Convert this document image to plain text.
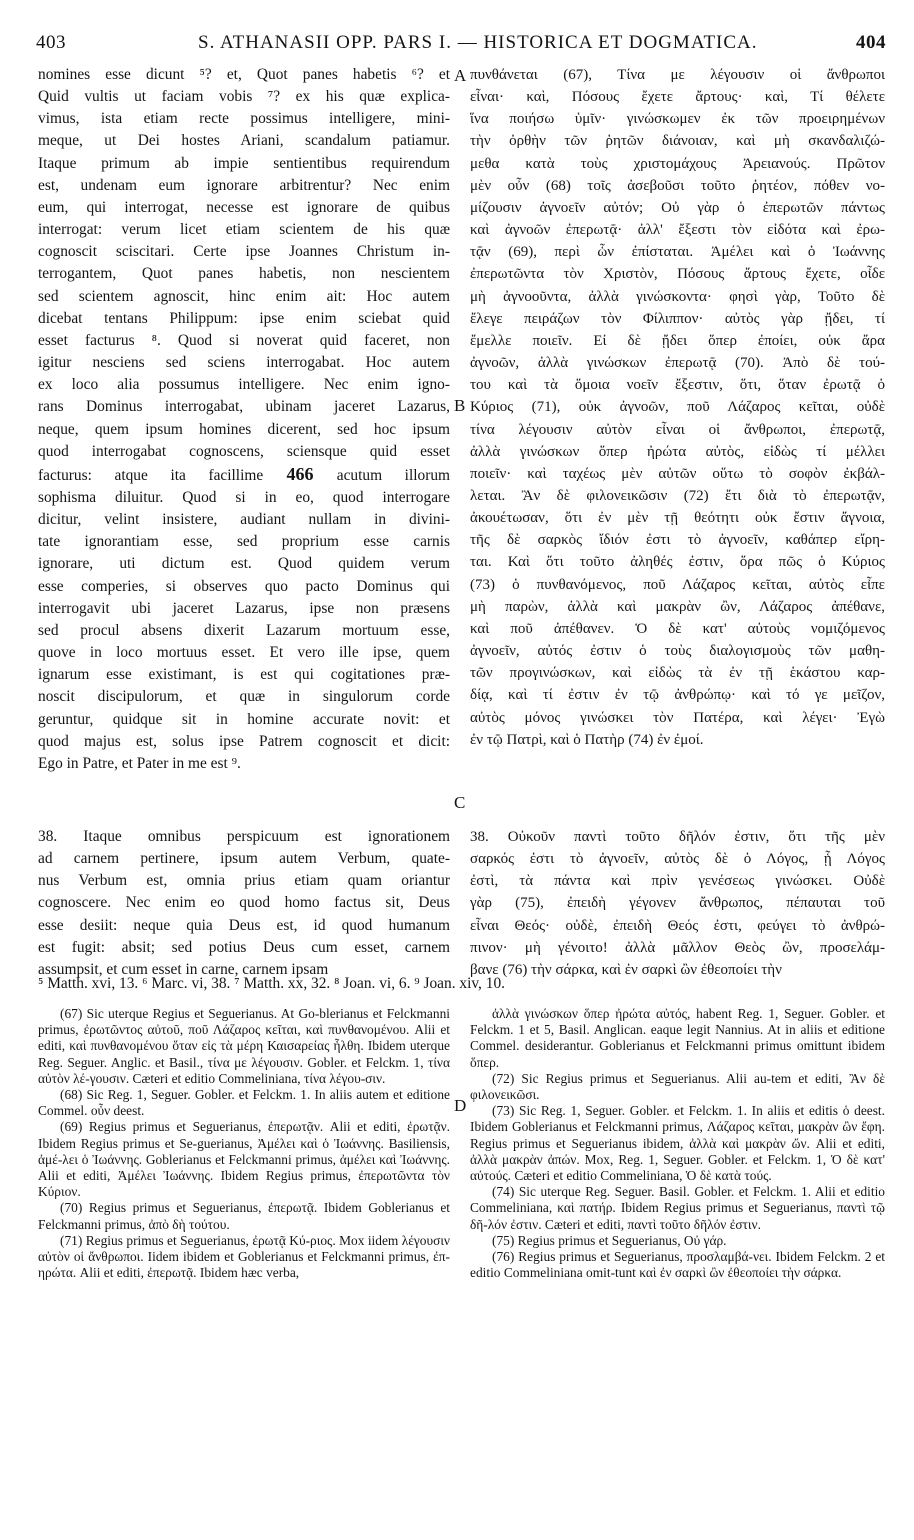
403	S. ATHANASII OPP. PARS I. — HISTORICA ET DOGMATICA.	404
nomines esse dicunt ⁵? et, Quot panes habetis ⁶? et
Quid vultis ut faciam vobis ⁷? ex his quæ explica-
vimus, ista etiam recte possimus intelligere, mini-
meque, ut Dei hostes Ariani, scandalum patiamur.
Itaque primum ab impie sentientibus requirendum
est, undenam eum ignorare arbitrentur? Nec enim
eum, qui interrogat, necesse est ignorare de quibus
interrogat: verum licet etiam scientem de his quæ
cognoscit sciscitari. Certe ipse Joannes Christum in-
terrogantem, Quot panes habetis, non nescientem
sed scientem agnoscit, hinc enim ait: Hoc autem
dicebat tentans Philippum: ipse enim sciebat quid
esset facturus ⁸. Quod si noverat quid faceret, non
igitur nesciens sed sciens interrogabat. Hoc autem
ex loco alia possumus intelligere. Nec enim igno-
rans Dominus interrogabat, ubinam jaceret Lazarus,
neque, quem ipsum homines dicerent, sed hoc ipsum
quod interrogabat cognoscens, sciensque quid esset
facturus: atque ita facillime 466 acutum illorum
sophisma diluitur. Quod si in eo, quod interrogare
dicitur, velint insistere, audiant nullam in divini-
tate ignorantiam esse, sed proprium esse carnis
ignorare, uti dictum est. Quod quidem verum
esse comperies, si observes quo pacto Dominus qui
interrogavit ubi jaceret Lazarus, ipse non præsens
sed procul absens dixerit Lazarum mortuum esse,
quove in loco mortuus esset. Et vero ille ipse, quem
ignarum esse existimant, is est qui cogitationes præ-
noscit discipulorum, et quæ in singulorum corde
geruntur, quidque sit in homine accurate novit: et
quod majus est, solus ipse Patrem cognoscit et dicit:
Ego in Patre, et Pater in me est ⁹.
πυνθάνεται (67), Τίνα με λέγουσιν οἱ ἄνθρωποι
εἶναι· καὶ, Πόσους ἔχετε ἄρτους· καὶ, Τί θέλετε
ἵνα ποιήσω ὑμῖν· γινώσκωμεν ἐκ τῶν προειρημένων
τὴν ὀρθὴν τῶν ῥητῶν διάνοιαν, καὶ μὴ σκανδαλιζώ-
μεθα κατὰ τοὺς χριστομάχους Ἀρειανούς. Πρῶτον
μὲν οὖν (68) τοῖς ἀσεβοῦσι τοῦτο ῥητέον, πόθεν νο-
μίζουσιν ἀγνοεῖν αὐτόν; Οὐ γὰρ ὁ ἐπερωτῶν πάντως
καὶ ἀγνοῶν ἐπερωτᾷ· ἀλλ' ἔξεστι τὸν εἰδότα καὶ ἐρω-
τᾷν (69), περὶ ὧν ἐπίσταται. Ἀμέλει καὶ ὁ Ἰωάννης
ἐπερωτῶντα τὸν Χριστὸν, Πόσους ἄρτους ἔχετε, οἶδε
μὴ ἀγνοοῦντα, ἀλλὰ γινώσκοντα· φησὶ γὰρ, Τοῦτο δὲ
ἔλεγε πειράζων τὸν Φίλιππον· αὐτὸς γὰρ ᾔδει, τί
ἔμελλε ποιεῖν. Εἰ δὲ ᾔδει ὅπερ ἐποίει, οὐκ ἄρα
ἀγνοῶν, ἀλλὰ γινώσκων ἐπερωτᾷ (70). Ἀπὸ δὲ τού-
του καὶ τὰ ὅμοια νοεῖν ἔξεστιν, ὅτι, ὅταν ἐρωτᾷ ὁ
Κύριος (71), οὐκ ἀγνοῶν, ποῦ Λάζαρος κεῖται, οὐδὲ
τίνα λέγουσιν αὐτὸν εἶναι οἱ ἄνθρωποι, ἐπερωτᾷ,
ἀλλὰ γινώσκων ὅπερ ἠρώτα αὐτὸς, εἰδὼς τί μέλλει
ποιεῖν· καὶ ταχέως μὲν αὐτῶν οὕτω τὸ σοφὸν ἐκβάλ-
λεται. Ἂν δὲ φιλονεικῶσιν (72) ἔτι διὰ τὸ ἐπερωτᾷν,
ἀκουέτωσαν, ὅτι ἐν μὲν τῇ θεότητι οὐκ ἔστιν ἄγνοια,
τῆς δὲ σαρκὸς ἴδιόν ἐστι τὸ ἀγνοεῖν, καθάπερ εἴρη-
ται. Καὶ ὅτι τοῦτο ἀληθές ἐστιν, ὅρα πῶς ὁ Κύριος
(73) ὁ πυνθανόμενος, ποῦ Λάζαρος κεῖται, αὐτὸς εἶπε
μὴ παρὼν, ἀλλὰ καὶ μακρὰν ὢν, Λάζαρος ἀπέθανε,
καὶ ποῦ ἀπέθανεν. Ὁ δὲ κατ' αὐτοὺς νομιζόμενος
ἀγνοεῖν, αὐτός ἐστιν ὁ τοὺς διαλογισμοὺς τῶν μαθη-
τῶν προγινώσκων, καὶ εἰδὼς τὰ ἐν τῇ ἑκάστου καρ-
δίᾳ, καὶ τί ἐστιν ἐν τῷ ἀνθρώπῳ· καὶ τό γε μεῖζον,
αὐτὸς μόνος γινώσκει τὸν Πατέρα, καὶ λέγει· Ἐγὼ
ἐν τῷ Πατρὶ, καὶ ὁ Πατὴρ (74) ἐν ἐμοί.
A
B
C
D
38. Itaque omnibus perspicuum est ignorationem
ad carnem pertinere, ipsum autem Verbum, quate-
nus Verbum est, omnia prius etiam quam oriantur
cognoscere. Nec enim eo quod homo factus sit, Deus
esse desiit: neque quia Deus est, id quod humanum
est fugit: absit; sed potius Deus cum esset, carnem
assumpsit, et cum esset in carne, carnem ipsam
38. Οὐκοῦν παντὶ τοῦτο δῆλόν ἐστιν, ὅτι τῆς μὲν
σαρκός ἐστι τὸ ἀγνοεῖν, αὐτὸς δὲ ὁ Λόγος, ᾗ Λόγος
ἐστὶ, τὰ πάντα καὶ πρὶν γενέσεως γινώσκει. Οὐδὲ
γὰρ (75), ἐπειδὴ γέγονεν ἄνθρωπος, πέπαυται τοῦ
εἶναι Θεός· οὐδὲ, ἐπειδὴ Θεός ἐστι, φεύγει τὸ ἀνθρώ-
πινον· μὴ γένοιτο! ἀλλὰ μᾶλλον Θεὸς ὢν, προσελάμ-
βανε (76) τὴν σάρκα, καὶ ἐν σαρκὶ ὢν ἐθεοποίει τὴν
⁵ Matth. xvi, 13. ⁶ Marc. vi, 38. ⁷ Matth. xx, 32. ⁸ Joan. vi, 6. ⁹ Joan. xiv, 10.
(67) Sic uterque Regius et Seguerianus. At Go-blerianus et Felckmanni primus, ἐρωτῶντος αὐτοῦ, ποῦ Λάζαρος κεῖται, καὶ πυνθανομένου. Alii et editi, καὶ πυνθανομένου ὅταν εἰς τὰ μέρη Καισαρείας ἦλθη. Ibidem uterque Reg. Seguer. Anglic. et Basil., τίνα με λέγουσιν. Gobler. et Felckm. 1, τίνα αὐτὸν λέ-γουσιν. Cæteri et editio Commeliniana, τίνα λέγου-σιν.
(68) Sic Reg. 1, Seguer. Gobler. et Felckm. 1. In aliis autem et editione Commel. οὖν deest.
(69) Regius primus et Seguerianus, ἐπερωτᾷν. Alii et editi, ἐρωτᾷν. Ibidem Regius primus et Se-guerianus, Ἀμέλει καὶ ὁ Ἰωάννης. Basiliensis, ἀμέ-λει ὁ Ἰωάννης. Goblerianus et Felckmanni primus, ἀμέλει καὶ Ἰωάννης. Alii et editi, Ἀμέλει Ἰωάννης. Ibidem Regius primus, ἐπερωτῶντα τὸν Κύριον.
(70) Regius primus et Seguerianus, ἐπερωτᾷ. Ibidem Goblerianus et Felckmanni primus, ἀπὸ δὴ τούτου.
(71) Regius primus et Seguerianus, ἐρωτᾷ Κύ-ριος. Mox iidem λέγουσιν αὐτὸν οἱ ἄνθρωποι. Iidem ibidem et Goblerianus et Felckmanni primus, ἐπ-ηρώτα. Alii et editi, ἐπερωτᾷ. Ibidem hæc verba,
ἀλλὰ γινώσκων ὅπερ ἠρώτα αὐτός, habent Reg. 1, Seguer. Gobler. et Felckm. 1 et 5, Basil. Anglican. eaque legit Nannius. At in aliis et editione Commel. desiderantur. Goblerianus et Felckmanni primus omittunt ibidem ὅπερ.
(72) Sic Regius primus et Seguerianus. Alii au-tem et editi, Ἂν δὲ φιλονεικῶσι.
(73) Sic Reg. 1, Seguer. Gobler. et Felckm. 1. In aliis et editis ὁ deest. Ibidem Goblerianus et Felckmanni primus, Λάζαρος κεῖται, μακρὰν ὢν ἔφη. Regius primus et Seguerianus ibidem, ἀλλὰ καὶ μακρὰν ὤν. Alii et editi, ἀλλὰ μακρὰν ἀπών. Mox, Reg. 1, Seguer. Gobler. et Felckm. 1, Ὁ δὲ κατ' αὐτούς. Cæteri et editio Commeliniana, Ὁ δὲ κατὰ τούς.
(74) Sic uterque Reg. Seguer. Basil. Gobler. et Felckm. 1. Alii et editio Commeliniana, καὶ πατήρ. Ibidem Regius primus et Seguerianus, παντὶ τῷ δῆ-λόν ἐστιν. Cæteri et editi, παντὶ τοῦτο δῆλόν ἐστιν.
(75) Regius primus et Seguerianus, Οὐ γάρ.
(76) Regius primus et Seguerianus, προσλαμβά-νει. Ibidem Felckm. 2 et editio Commeliniana omit-tunt καὶ ἐν σαρκὶ ὢν ἐθεοποίει τὴν σάρκα.
